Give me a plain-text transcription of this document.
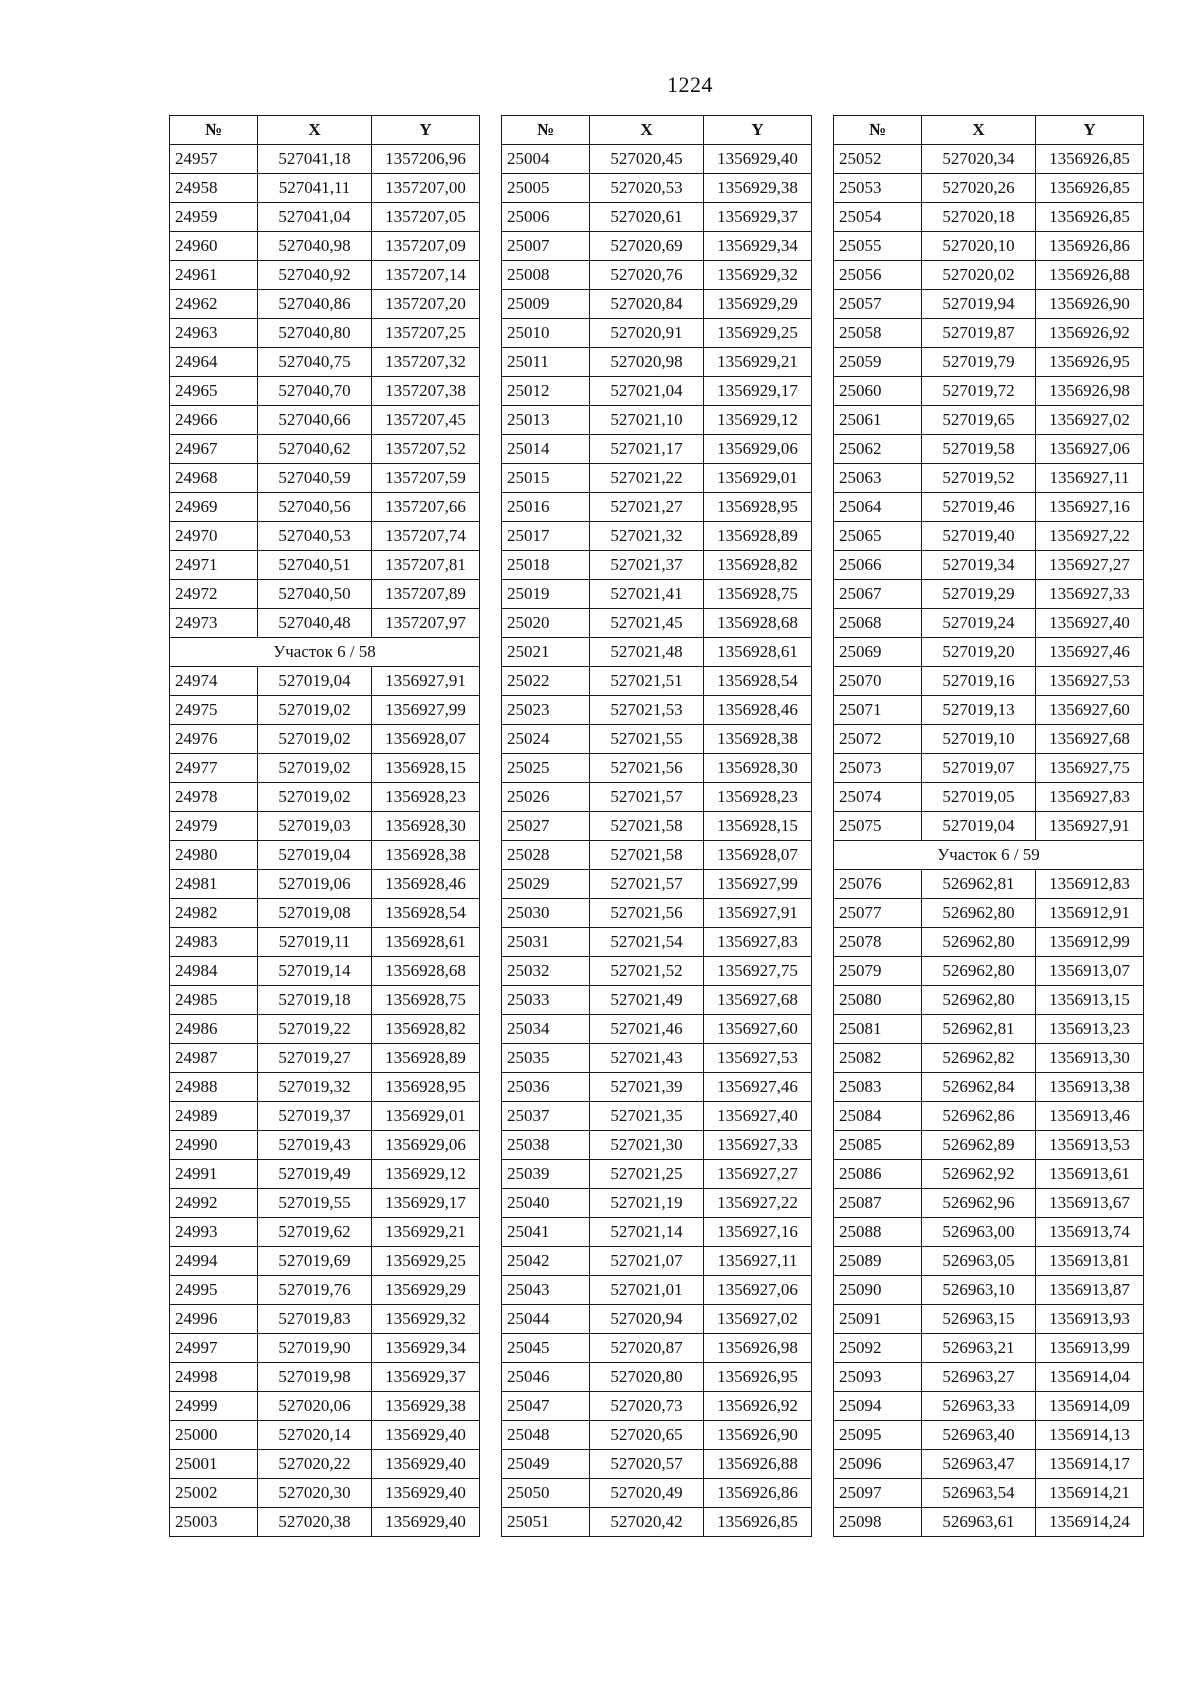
1224
№	X	Y
24957	527041,18	1357206,96
24958	527041,11	1357207,00
24959	527041,04	1357207,05
24960	527040,98	1357207,09
24961	527040,92	1357207,14
24962	527040,86	1357207,20
24963	527040,80	1357207,25
24964	527040,75	1357207,32
24965	527040,70	1357207,38
24966	527040,66	1357207,45
24967	527040,62	1357207,52
24968	527040,59	1357207,59
24969	527040,56	1357207,66
24970	527040,53	1357207,74
24971	527040,51	1357207,81
24972	527040,50	1357207,89
24973	527040,48	1357207,97
Участок 6 / 58		
24974	527019,04	1356927,91
24975	527019,02	1356927,99
24976	527019,02	1356928,07
24977	527019,02	1356928,15
24978	527019,02	1356928,23
24979	527019,03	1356928,30
24980	527019,04	1356928,38
24981	527019,06	1356928,46
24982	527019,08	1356928,54
24983	527019,11	1356928,61
24984	527019,14	1356928,68
24985	527019,18	1356928,75
24986	527019,22	1356928,82
24987	527019,27	1356928,89
24988	527019,32	1356928,95
24989	527019,37	1356929,01
24990	527019,43	1356929,06
24991	527019,49	1356929,12
24992	527019,55	1356929,17
24993	527019,62	1356929,21
24994	527019,69	1356929,25
24995	527019,76	1356929,29
24996	527019,83	1356929,32
24997	527019,90	1356929,34
24998	527019,98	1356929,37
24999	527020,06	1356929,38
25000	527020,14	1356929,40
25001	527020,22	1356929,40
25002	527020,30	1356929,40
25003	527020,38	1356929,40
№	X	Y
25004	527020,45	1356929,40
25005	527020,53	1356929,38
25006	527020,61	1356929,37
25007	527020,69	1356929,34
25008	527020,76	1356929,32
25009	527020,84	1356929,29
25010	527020,91	1356929,25
25011	527020,98	1356929,21
25012	527021,04	1356929,17
25013	527021,10	1356929,12
25014	527021,17	1356929,06
25015	527021,22	1356929,01
25016	527021,27	1356928,95
25017	527021,32	1356928,89
25018	527021,37	1356928,82
25019	527021,41	1356928,75
25020	527021,45	1356928,68
25021	527021,48	1356928,61
25022	527021,51	1356928,54
25023	527021,53	1356928,46
25024	527021,55	1356928,38
25025	527021,56	1356928,30
25026	527021,57	1356928,23
25027	527021,58	1356928,15
25028	527021,58	1356928,07
25029	527021,57	1356927,99
25030	527021,56	1356927,91
25031	527021,54	1356927,83
25032	527021,52	1356927,75
25033	527021,49	1356927,68
25034	527021,46	1356927,60
25035	527021,43	1356927,53
25036	527021,39	1356927,46
25037	527021,35	1356927,40
25038	527021,30	1356927,33
25039	527021,25	1356927,27
25040	527021,19	1356927,22
25041	527021,14	1356927,16
25042	527021,07	1356927,11
25043	527021,01	1356927,06
25044	527020,94	1356927,02
25045	527020,87	1356926,98
25046	527020,80	1356926,95
25047	527020,73	1356926,92
25048	527020,65	1356926,90
25049	527020,57	1356926,88
25050	527020,49	1356926,86
25051	527020,42	1356926,85
№	X	Y
25052	527020,34	1356926,85
25053	527020,26	1356926,85
25054	527020,18	1356926,85
25055	527020,10	1356926,86
25056	527020,02	1356926,88
25057	527019,94	1356926,90
25058	527019,87	1356926,92
25059	527019,79	1356926,95
25060	527019,72	1356926,98
25061	527019,65	1356927,02
25062	527019,58	1356927,06
25063	527019,52	1356927,11
25064	527019,46	1356927,16
25065	527019,40	1356927,22
25066	527019,34	1356927,27
25067	527019,29	1356927,33
25068	527019,24	1356927,40
25069	527019,20	1356927,46
25070	527019,16	1356927,53
25071	527019,13	1356927,60
25072	527019,10	1356927,68
25073	527019,07	1356927,75
25074	527019,05	1356927,83
25075	527019,04	1356927,91
Участок 6 / 59		
25076	526962,81	1356912,83
25077	526962,80	1356912,91
25078	526962,80	1356912,99
25079	526962,80	1356913,07
25080	526962,80	1356913,15
25081	526962,81	1356913,23
25082	526962,82	1356913,30
25083	526962,84	1356913,38
25084	526962,86	1356913,46
25085	526962,89	1356913,53
25086	526962,92	1356913,61
25087	526962,96	1356913,67
25088	526963,00	1356913,74
25089	526963,05	1356913,81
25090	526963,10	1356913,87
25091	526963,15	1356913,93
25092	526963,21	1356913,99
25093	526963,27	1356914,04
25094	526963,33	1356914,09
25095	526963,40	1356914,13
25096	526963,47	1356914,17
25097	526963,54	1356914,21
25098	526963,61	1356914,24
